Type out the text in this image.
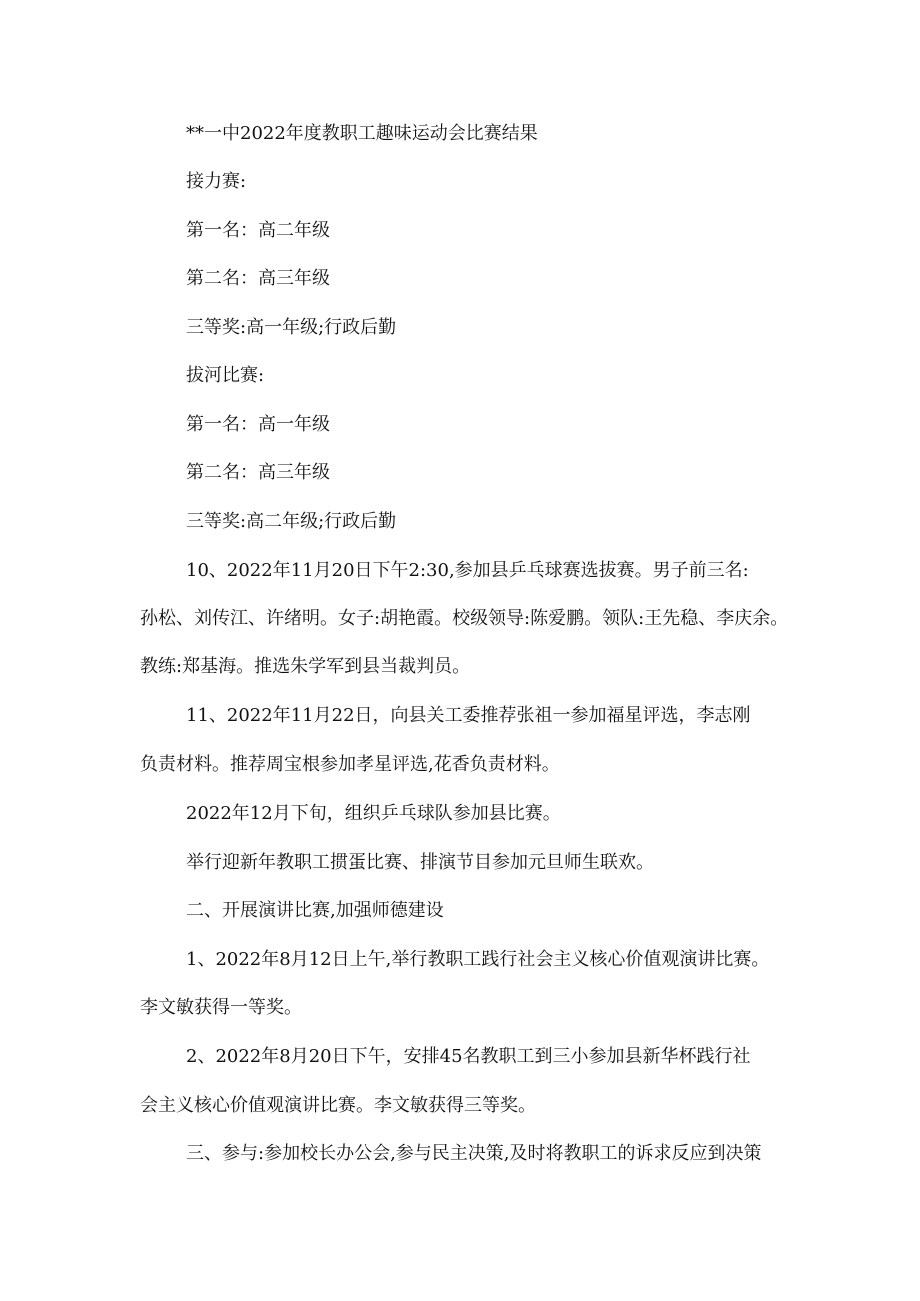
**一中2022年度教职工趣味运动会比赛结果
接力赛:
第一名：高二年级
第二名：高三年级
三等奖:高一年级;行政后勤
拔河比赛:
第一名：高一年级
第二名：高三年级
三等奖:高二年级;行政后勤
10、2022年11月20日下午2:30,参加县乒乓球赛选拔赛。男子前三名:
孙松、刘传江、许绪明。女子:胡艳霞。校级领导:陈爱鹏。领队:王先稳、李庆余。
教练:郑基海。推选朱学军到县当裁判员。
11、2022年11月22日，向县关工委推荐张祖一参加福星评选，李志刚
负责材料。推荐周宝根参加孝星评选,花香负责材料。
2022年12月下旬，组织乒乓球队参加县比赛。
举行迎新年教职工掼蛋比赛、排演节目参加元旦师生联欢。
二、开展演讲比赛,加强师德建设
1、2022年8月12日上午,举行教职工践行社会主义核心价值观演讲比赛。
李文敏获得一等奖。
2、2022年8月20日下午，安排45名教职工到三小参加县新华杯践行社
会主义核心价值观演讲比赛。李文敏获得三等奖。
三、参与:参加校长办公会,参与民主决策,及时将教职工的诉求反应到决策
